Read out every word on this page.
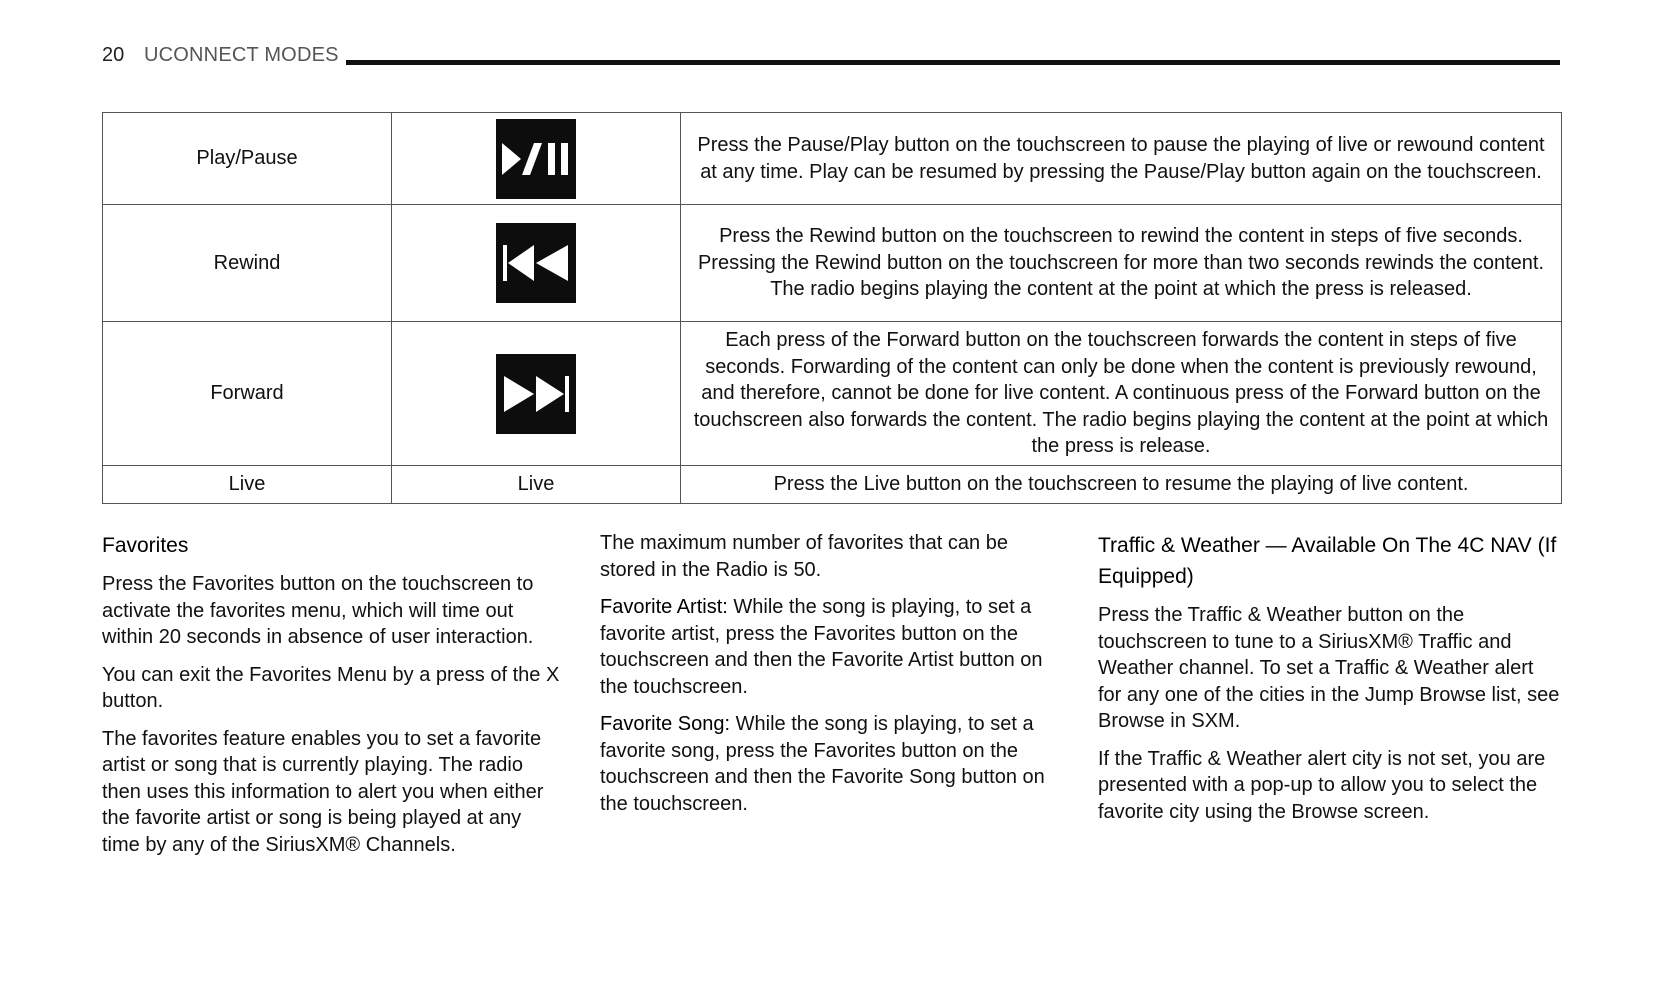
20 UCONNECT MODES
Play/Pause		Press the Pause/Play button on the touchscreen to pause the playing of live or rewound content at any time. Play can be resumed by pressing the Pause/Play button again on the touchscreen.
Rewind		Press the Rewind button on the touchscreen to rewind the content in steps of five seconds. Pressing the Rewind button on the touchscreen for more than two seconds rewinds the content. The radio begins playing the content at the point at which the press is released.
Forward		Each press of the Forward button on the touchscreen forwards the content in steps of five seconds. Forwarding of the content can only be done when the content is previously rewound, and therefore, cannot be done for live content. A continuous press of the Forward button on the touchscreen also forwards the content. The radio begins playing the content at the point at which the press is release.
Live	Live	Press the Live button on the touchscreen to resume the playing of live content.
Favorites

Press the Favorites button on the touchscreen to activate the favorites menu, which will time out within 20 seconds in absence of user interaction.

You can exit the Favorites Menu by a press of the X button.

The favorites feature enables you to set a favorite artist or song that is currently playing. The radio then uses this information to alert you when either the favorite artist or song is being played at any time by any of the SiriusXM® Channels.

The maximum number of favorites that can be stored in the Radio is 50.

Favorite Artist: While the song is playing, to set a favorite artist, press the Favorites button on the touchscreen and then the Favorite Artist button on the touchscreen.

Favorite Song: While the song is playing, to set a favorite song, press the Favorites button on the touchscreen and then the Favorite Song button on the touchscreen.

Traffic & Weather — Available On The 4C NAV (If Equipped)

Press the Traffic & Weather button on the touchscreen to tune to a SiriusXM® Traffic and Weather channel. To set a Traffic & Weather alert for any one of the cities in the Jump Browse list, see Browse in SXM.

If the Traffic & Weather alert city is not set, you are presented with a pop-up to allow you to select the favorite city using the Browse screen.
